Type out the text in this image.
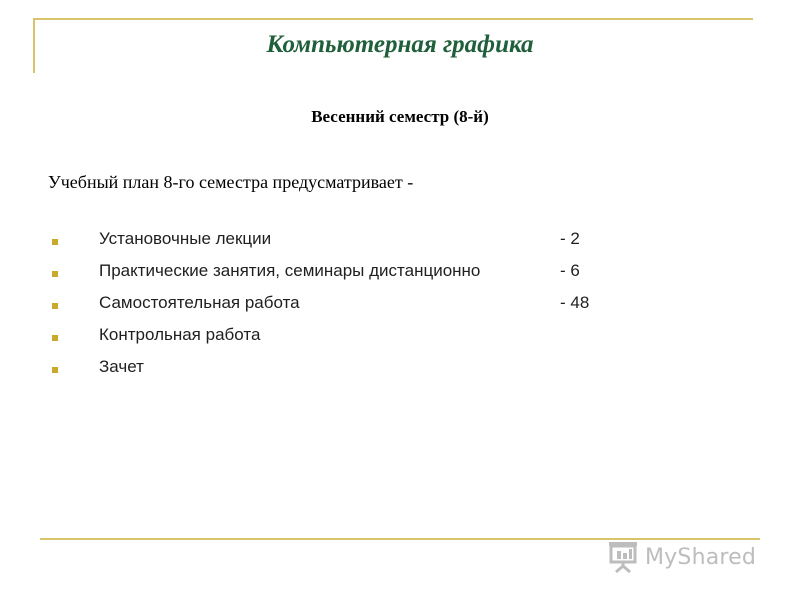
Компьютерная графика
Весенний семестр (8-й)
Учебный план 8-го семестра предусматривает -
Установочные лекции	- 2
Практические занятия, семинары дистанционно	- 6
Самостоятельная работа	- 48
Контрольная работа
Зачет
MyShared
